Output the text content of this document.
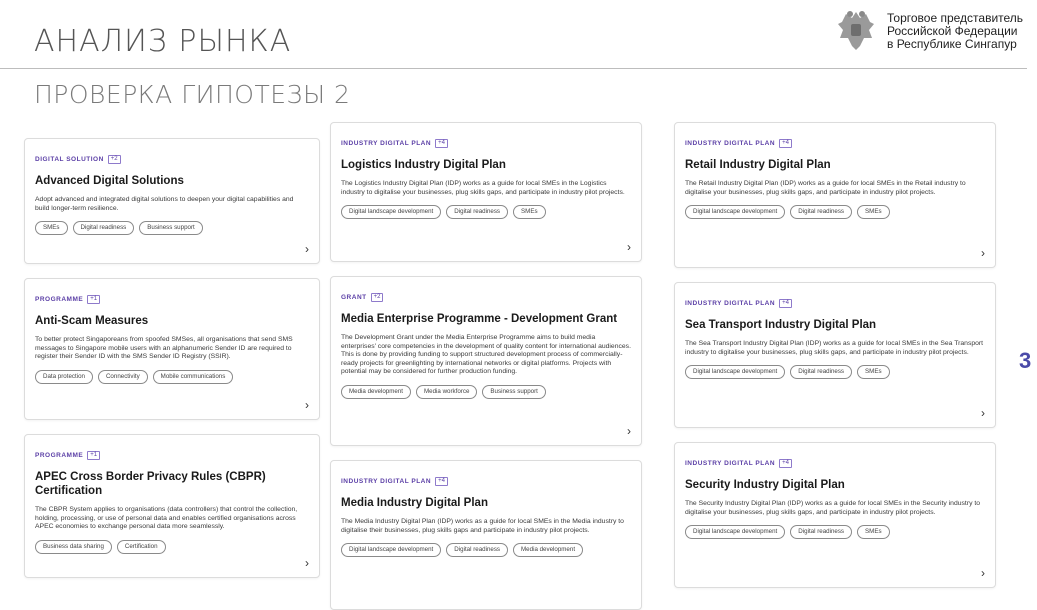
АНАЛИЗ РЫНКА
Торговое представитель
Российской Федерации
в Республике Сингапур
ПРОВЕРКА ГИПОТЕЗЫ 2
3
DIGITAL SOLUTION	+2
Advanced Digital Solutions

Adopt advanced and integrated digital solutions to deepen your digital capabilities and build longer-term resilience.

SMEs	Digital readiness	Business support
›
PROGRAMME	+1
Anti-Scam Measures

To better protect Singaporeans from spoofed SMSes, all organisations that send SMS messages to Singapore mobile users with an alphanumeric Sender ID are required to register their Sender ID with the SMS Sender ID Registry (SSIR).

Data protection	Connectivity	Mobile communications
›
PROGRAMME	+1
APEC Cross Border Privacy Rules (CBPR) Certification

The CBPR System applies to organisations (data controllers) that control the collection, holding, processing, or use of personal data and enables certified organisations across APEC economies to exchange personal data more seamlessly.

Business data sharing	Certification
›
INDUSTRY DIGITAL PLAN	+4
Logistics Industry Digital Plan

The Logistics Industry Digital Plan (IDP) works as a guide for local SMEs in the Logistics industry to digitalise your businesses, plug skills gaps, and participate in industry pilot projects.

Digital landscape development	Digital readiness	SMEs
›
GRANT	+2
Media Enterprise Programme - Development Grant

The Development Grant under the Media Enterprise Programme aims to build media enterprises' core competencies in the development of quality content for international audiences. This is done by providing funding to support structured development process of commercially-ready projects for greenlighting by international networks or digital platforms. Projects with potential may be considered for further production funding.

Media development	Media workforce	Business support
›
INDUSTRY DIGITAL PLAN	+4
Media Industry Digital Plan

The Media Industry Digital Plan (IDP) works as a guide for local SMEs in the Media industry to digitalise their businesses, plug skills gaps and participate in industry pilot projects.

Digital landscape development	Digital readiness	Media development
INDUSTRY DIGITAL PLAN	+4
Retail Industry Digital Plan

The Retail Industry Digital Plan (IDP) works as a guide for local SMEs in the Retail industry to digitalise your businesses, plug skills gaps, and participate in industry pilot projects.

Digital landscape development	Digital readiness	SMEs
›
INDUSTRY DIGITAL PLAN	+4
Sea Transport Industry Digital Plan

The Sea Transport Industry Digital Plan (IDP) works as a guide for local SMEs in the Sea Transport industry to digitalise your businesses, plug skills gaps, and participate in industry pilot projects.

Digital landscape development	Digital readiness	SMEs
›
INDUSTRY DIGITAL PLAN	+4
Security Industry Digital Plan

The Security Industry Digital Plan (IDP) works as a guide for local SMEs in the Security industry to digitalise your businesses, plug skills gaps, and participate in industry pilot projects.

Digital landscape development	Digital readiness	SMEs
›
